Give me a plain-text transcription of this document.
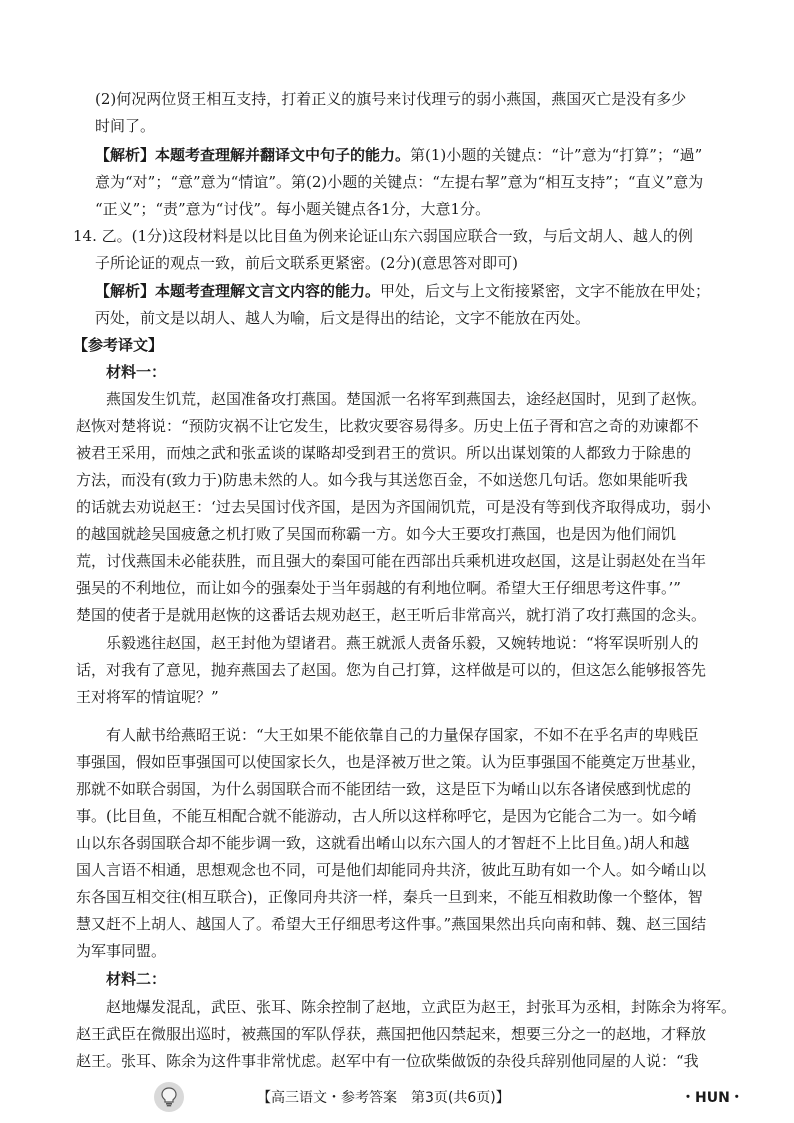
(2)何况两位贤王相互支持，打着正义的旗号来讨伐理亏的弱小燕国，燕国灭亡是没有多少
时间了。
【解析】本题考查理解并翻译文中句子的能力。第(1)小题的关键点：“计”意为“打算”；“過”
意为“对”；“意”意为“情谊”。第(2)小题的关键点：“左提右挈”意为“相互支持”；“直义”意为
“正义”；“责”意为“讨伐”。每小题关键点各1分，大意1分。
14. 乙。(1分)这段材料是以比目鱼为例来论证山东六弱国应联合一致，与后文胡人、越人的例
子所论证的观点一致，前后文联系更紧密。(2分)(意思答对即可)
【解析】本题考查理解文言文内容的能力。甲处，后文与上文衔接紧密，文字不能放在甲处；
丙处，前文是以胡人、越人为喻，后文是得出的结论，文字不能放在丙处。
【参考译文】
材料一：
燕国发生饥荒，赵国准备攻打燕国。楚国派一名将军到燕国去，途经赵国时，见到了赵恢。
赵恢对楚将说：“预防灾祸不让它发生，比救灾要容易得多。历史上伍子胥和宫之奇的劝谏都不
被君王采用，而烛之武和张孟谈的谋略却受到君王的赏识。所以出谋划策的人都致力于除患的
方法，而没有(致力于)防患未然的人。如今我与其送您百金，不如送您几句话。您如果能听我
的话就去劝说赵王：‘过去吴国讨伐齐国，是因为齐国闹饥荒，可是没有等到伐齐取得成功，弱小
的越国就趁吴国疲惫之机打败了吴国而称霸一方。如今大王要攻打燕国，也是因为他们闹饥
荒，讨伐燕国未必能获胜，而且强大的秦国可能在西部出兵乘机进攻赵国，这是让弱赵处在当年
强吴的不利地位，而让如今的强秦处于当年弱越的有利地位啊。希望大王仔细思考这件事。’”
楚国的使者于是就用赵恢的这番话去规劝赵王，赵王听后非常高兴，就打消了攻打燕国的念头。
乐毅逃往赵国，赵王封他为望诸君。燕王就派人责备乐毅，又婉转地说：“将军误听别人的
话，对我有了意见，抛弃燕国去了赵国。您为自己打算，这样做是可以的，但这怎么能够报答先
王对将军的情谊呢？”
有人献书给燕昭王说：“大王如果不能依靠自己的力量保存国家，不如不在乎名声的卑贱臣
事强国，假如臣事强国可以使国家长久，也是泽被万世之策。认为臣事强国不能奠定万世基业，
那就不如联合弱国，为什么弱国联合而不能团结一致，这是臣下为崤山以东各诸侯感到忧虑的
事。(比目鱼，不能互相配合就不能游动，古人所以这样称呼它，是因为它能合二为一。如今崤
山以东各弱国联合却不能步调一致，这就看出崤山以东六国人的才智赶不上比目鱼。)胡人和越
国人言语不相通，思想观念也不同，可是他们却能同舟共济，彼此互助有如一个人。如今崤山以
东各国互相交往(相互联合)，正像同舟共济一样，秦兵一旦到来，不能互相救助像一个整体，智
慧又赶不上胡人、越国人了。希望大王仔细思考这件事。”燕国果然出兵向南和韩、魏、赵三国结
为军事同盟。
材料二：
赵地爆发混乱，武臣、张耳、陈余控制了赵地，立武臣为赵王，封张耳为丞相，封陈余为将军。
赵王武臣在微服出巡时，被燕国的军队俘获，燕国把他囚禁起来，想要三分之一的赵地，才释放
赵王。张耳、陈余为这件事非常忧虑。赵军中有一位砍柴做饭的杂役兵辞别他同屋的人说：“我
【高三语文・参考答案　第3页(共6页)】	・HUN・
